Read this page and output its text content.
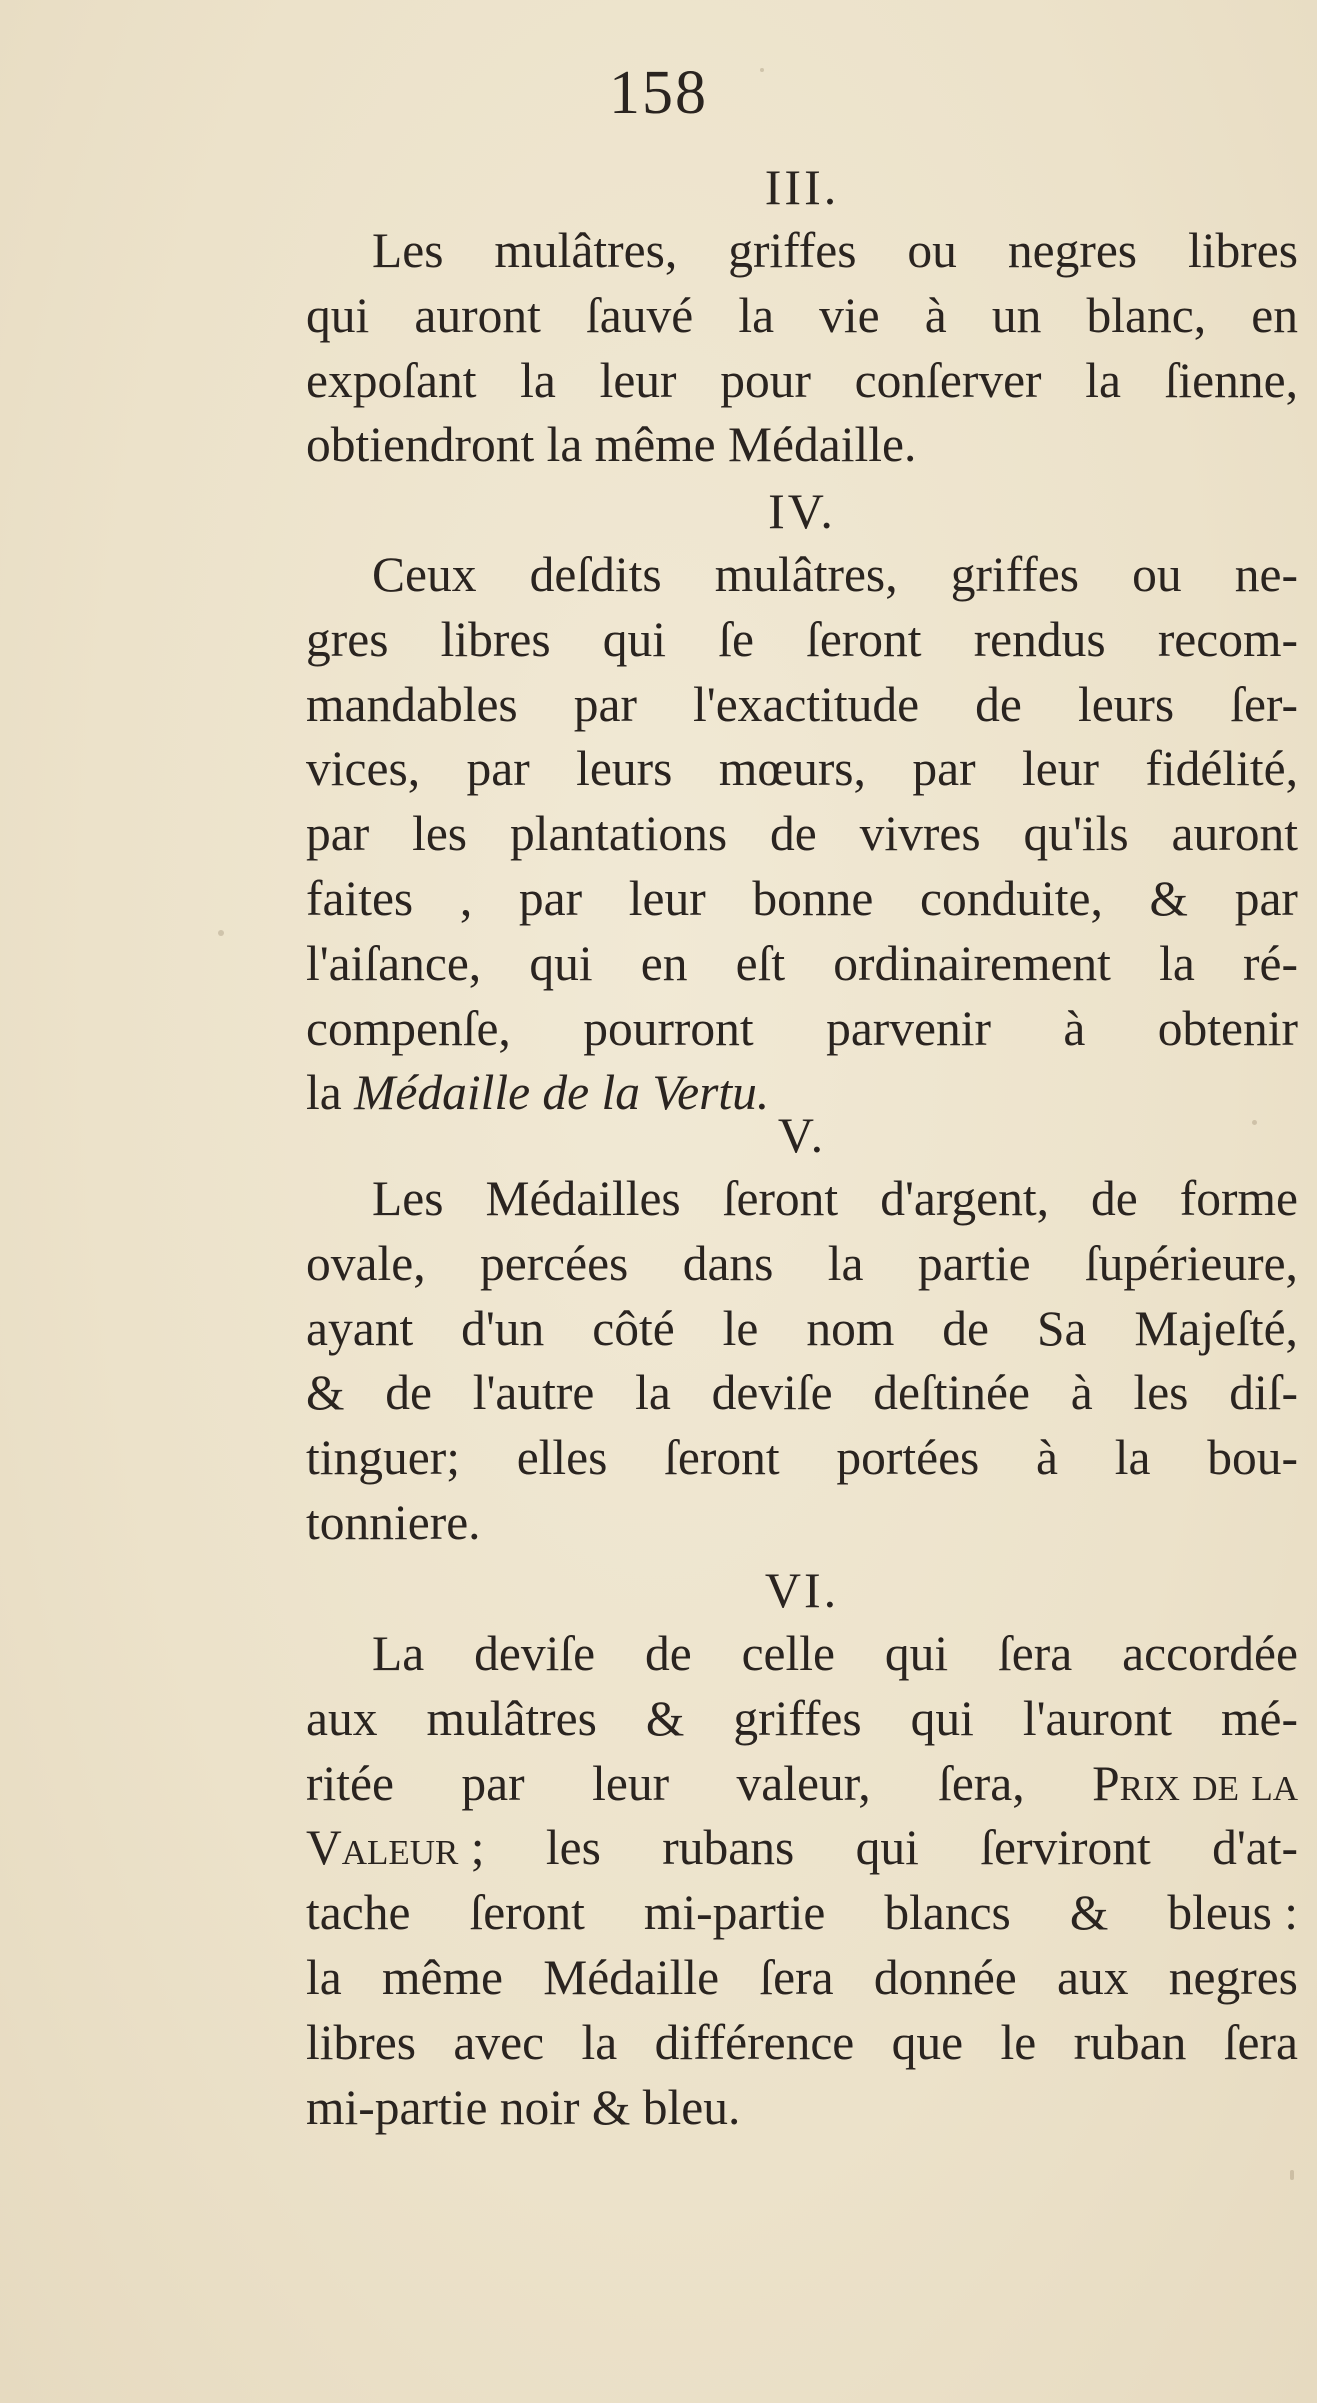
158
III.
Les mulâtres, griffes ou negres libres
qui auront ſauvé la vie à un blanc, en
expoſant la leur pour conſerver la ſienne,
obtiendront la même Médaille.
IV.
Ceux deſdits mulâtres, griffes ou ne-
gres libres qui ſe ſeront rendus recom-
mandables par l'exactitude de leurs ſer-
vices, par leurs mœurs, par leur fidélité,
par les plantations de vivres qu'ils auront
faites , par leur bonne conduite, & par
l'aiſance, qui en eſt ordinairement la ré-
compenſe, pourront parvenir à obtenir
la Médaille de la Vertu.
V.
Les Médailles ſeront d'argent, de forme
ovale, percées dans la partie ſupérieure,
ayant d'un côté le nom de Sa Majeſté,
& de l'autre la deviſe deſtinée à les diſ-
tinguer; elles ſeront portées à la bou-
tonniere.
VI.
La deviſe de celle qui ſera accordée
aux mulâtres & griffes qui l'auront mé-
ritée par leur valeur, ſera, Prix de la
Valeur ; les rubans qui ſerviront d'at-
tache ſeront mi-partie blancs & bleus :
la même Médaille ſera donnée aux negres
libres avec la différence que le ruban ſera
mi-partie noir & bleu.
